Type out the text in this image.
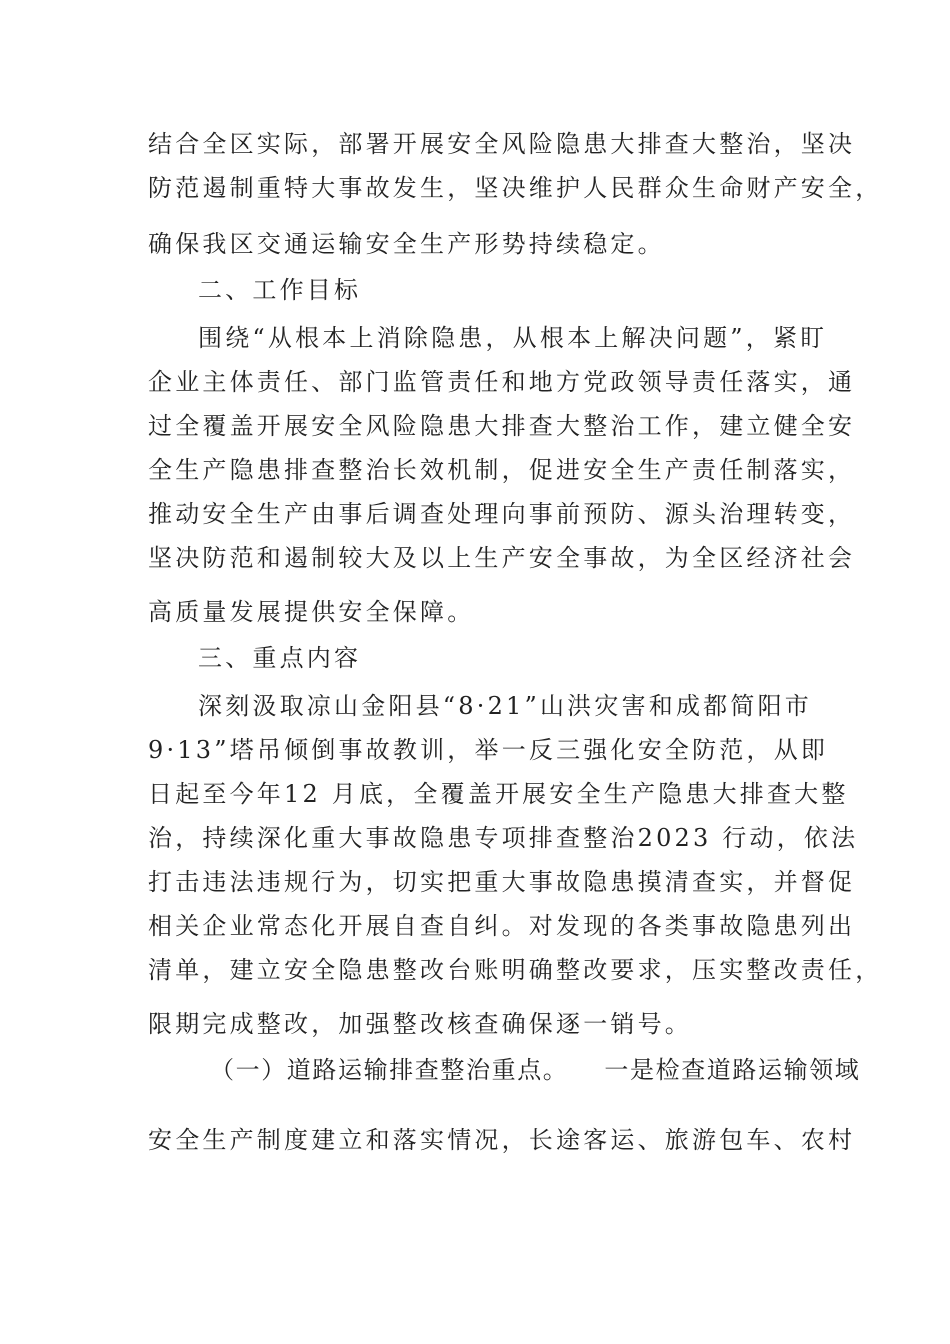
结合全区实际，部署开展安全风险隐患大排查大整治，坚决
防范遏制重特大事故发生，坚决维护人民群众生命财产安全，
确保我区交通运输安全生产形势持续稳定。
二、工作目标
围绕“从根本上消除隐患，从根本上解决问题”，紧盯
企业主体责任、部门监管责任和地方党政领导责任落实，通
过全覆盖开展安全风险隐患大排查大整治工作，建立健全安
全生产隐患排查整治长效机制，促进安全生产责任制落实，
推动安全生产由事后调查处理向事前预防、源头治理转变，
坚决防范和遏制较大及以上生产安全事故，为全区经济社会
高质量发展提供安全保障。
三、重点内容
深刻汲取凉山金阳县“8·21”山洪灾害和成都简阳市
9·13”塔吊倾倒事故教训，举一反三强化安全防范，从即
日起至今年12 月底，全覆盖开展安全生产隐患大排查大整
治，持续深化重大事故隐患专项排查整治2023 行动，依法
打击违法违规行为，切实把重大事故隐患摸清查实，并督促
相关企业常态化开展自查自纠。对发现的各类事故隐患列出
清单，建立安全隐患整改台账明确整改要求，压实整改责任，
限期完成整改，加强整改核查确保逐一销号。
（一）道路运输排查整治重点。 一是检查道路运输领域
安全生产制度建立和落实情况，长途客运、旅游包车、农村
